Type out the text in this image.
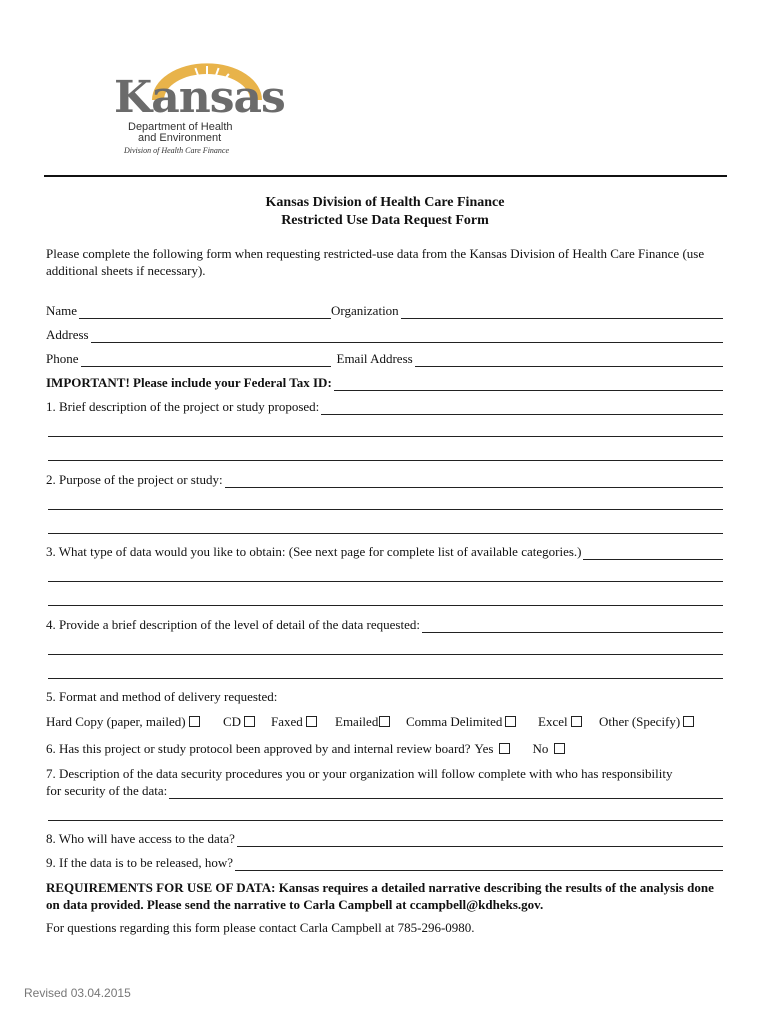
Kansas
Department of Health
and Environment
Division of Health Care Finance
Kansas Division of Health Care Finance
Restricted Use Data Request Form
Please complete the following form when requesting restricted-use data from the Kansas Division of Health Care Finance (use additional sheets if necessary).
Name	Organization
Address
Phone	Email Address
IMPORTANT! Please include your Federal Tax ID:
1. Brief description of the project or study proposed:
2. Purpose of the project or study:
3. What type of data would you like to obtain: (See next page for complete list of available categories.)
4. Provide a brief description of the level of detail of the data requested:
5. Format and method of delivery requested:
Hard Copy (paper, mailed)	CD	Faxed	Emailed	Comma Delimited	Excel	Other (Specify)
6. Has this project or study protocol been approved by and internal review board? Yes	No
7. Description of the data security procedures you or your organization will follow complete with who has responsibility
for security of the data:
8. Who will have access to the data?
9. If the data is to be released, how?
REQUIREMENTS FOR USE OF DATA: Kansas requires a detailed narrative describing the results of the analysis done on data provided. Please send the narrative to Carla Campbell at ccampbell@kdheks.gov.
For questions regarding this form please contact Carla Campbell at 785-296-0980.
Revised 03.04.2015
